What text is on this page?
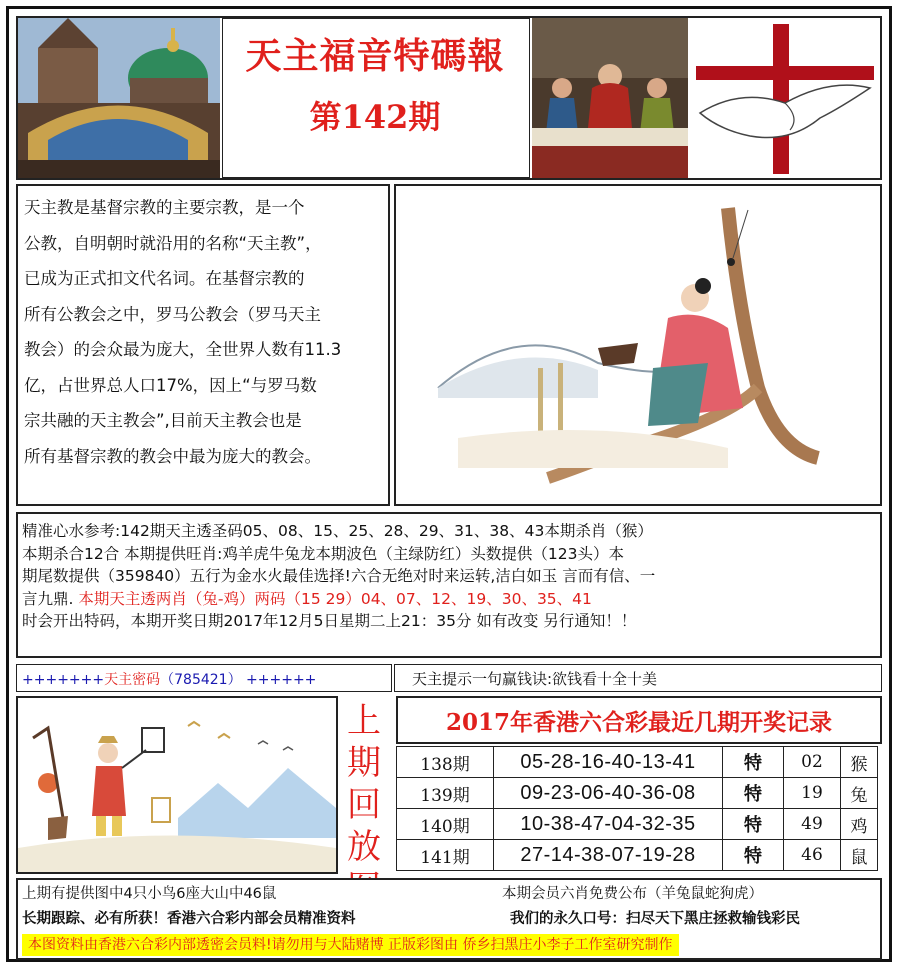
天主福音特碼報
第142期

天主教是基督宗教的主要宗教，是一个

公教，自明朝时就沿用的名称“天主教”，

已成为正式扣文代名词。在基督宗教的

所有公教会之中，罗马公教会（罗马天主

教会）的会众最为庞大，全世界人数有11.3

亿，占世界总人口17%，因上“与罗马数

宗共融的天主教会”,目前天主教会也是

所有基督宗教的教会中最为庞大的教会。

精准心水参考:142期天主透圣码05、08、15、25、28、29、31、38、43本期杀肖（猴）

本期杀合12合 本期提供旺肖:鸡羊虎牛兔龙本期波色（主绿防红）头数提供（123头）本

期尾数提供（359840）五行为金水火最佳选择!六合无绝对时来运转,洁白如玉 言而有信、一

言九鼎. 本期天主透两肖（兔-鸡）两码（15 29）04、07、12、19、30、35、41

时会开出特码，本期开奖日期2017年12月5日星期二上21：35分 如有改变 另行通知！！

+++++++天主密码（785421） ++++++	天主提示一句赢钱诀:欲钱看十全十美
上
期
回
放
2017年香港六合彩最近几期开奖记录
138期	05-28-16-40-13-41	特	02	猴
139期	09-23-06-40-36-08	特	19	兔
140期	10-38-47-04-32-35	特	49	鸡
141期	27-14-38-07-19-28	特	46	鼠

上期有提供图中4只小鸟6座大山中46鼠	本期会员六肖免费公布（羊兔鼠蛇狗虎）

长期跟踪、必有所获！香港六合彩内部会员精准资料	我们的永久口号：扫尽天下黑庄拯救输钱彩民

本图资料由香港六合彩内部透密会员料!请勿用与大陆赌博 正版彩图由 侨乡扫黑庄小李子工作室研究制作
